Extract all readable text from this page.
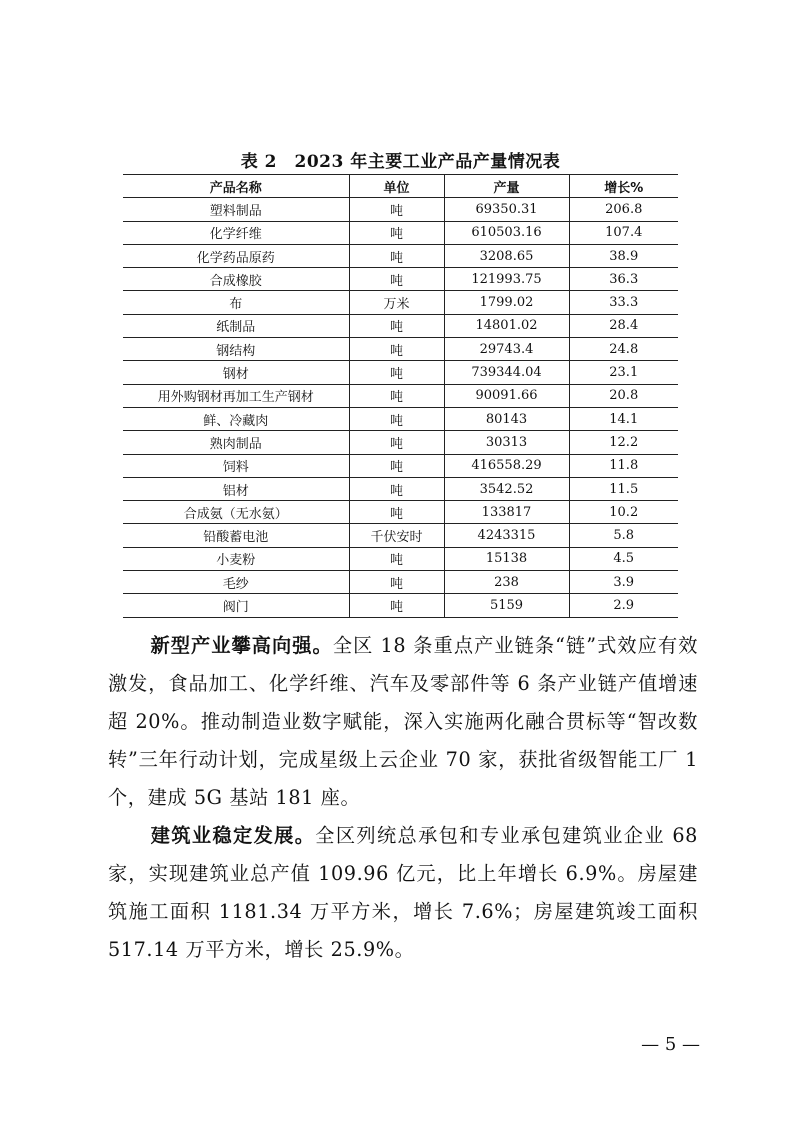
表 2　2023 年主要工业产品产量情况表
产品名称	单位	产量	增长%
塑料制品	吨	69350.31	206.8
化学纤维	吨	610503.16	107.4
化学药品原药	吨	3208.65	38.9
合成橡胶	吨	121993.75	36.3
布	万米	1799.02	33.3
纸制品	吨	14801.02	28.4
钢结构	吨	29743.4	24.8
钢材	吨	739344.04	23.1
用外购钢材再加工生产钢材	吨	90091.66	20.8
鲜、冷藏肉	吨	80143	14.1
熟肉制品	吨	30313	12.2
饲料	吨	416558.29	11.8
铝材	吨	3542.52	11.5
合成氨（无水氨）	吨	133817	10.2
铅酸蓄电池	千伏安时	4243315	5.8
小麦粉	吨	15138	4.5
毛纱	吨	238	3.9
阀门	吨	5159	2.9

新型产业攀高向强。全区 18 条重点产业链条“链”式效应有效激发，食品加工、化学纤维、汽车及零部件等 6 条产业链产值增速超 20%。推动制造业数字赋能，深入实施两化融合贯标等“智改数转”三年行动计划，完成星级上云企业 70 家，获批省级智能工厂 1 个，建成 5G 基站 181 座。

建筑业稳定发展。全区列统总承包和专业承包建筑业企业 68 家，实现建筑业总产值 109.96 亿元，比上年增长 6.9%。房屋建筑施工面积 1181.34 万平方米，增长 7.6%；房屋建筑竣工面积 517.14 万平方米，增长 25.9%。

— 5 —
